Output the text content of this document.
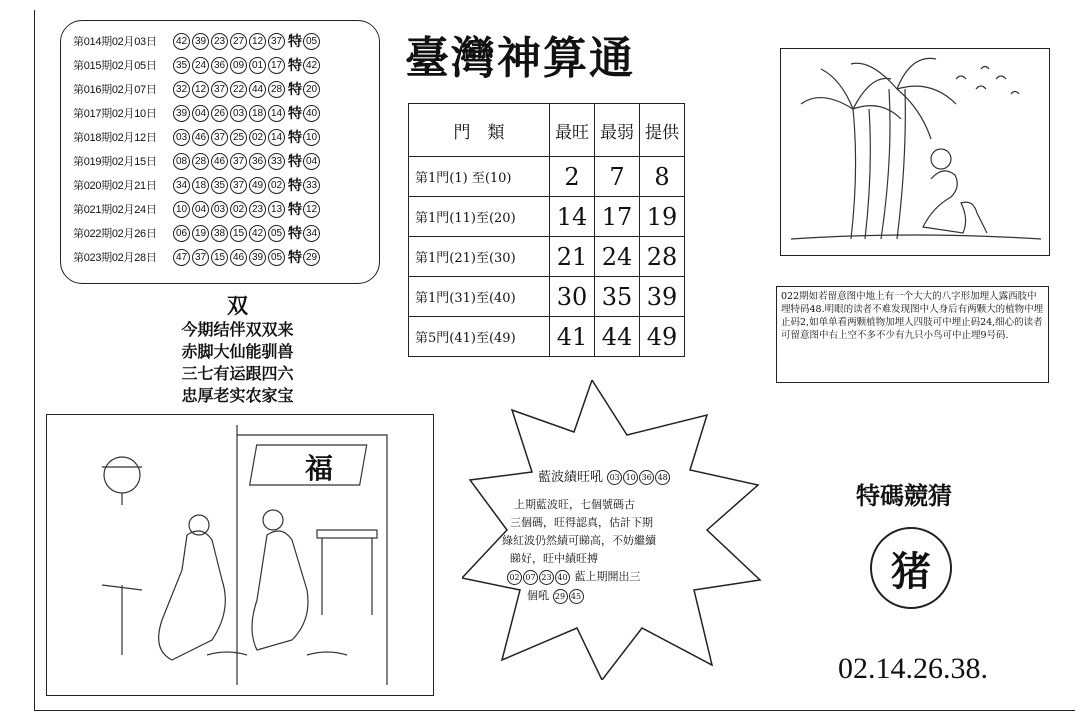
第014期02月03日	42 39 23 27 12 37 特 05
第015期02月05日	35 24 36 09 01 17 特 42
第016期02月07日	32 12 37 22 44 28 特 20
第017期02月10日	39 04 26 03 18 14 特 40
第018期02月12日	03 46 37 25 02 14 特 10
第019期02月15日	08 28 46 37 36 33 特 04
第020期02月21日	34 18 35 37 49 02 特 33
第021期02月24日	10 04 03 02 23 13 特 12
第022期02月26日	06 19 38 15 42 05 特 34
第023期02月28日	47 37 15 46 39 05 特 29
臺灣神算通
門　類	最旺	最弱	提供
第1門(1) 至(10)	2	7	8
第1門(11)至(20)	14	17	19
第1門(21)至(30)	21	24	28
第1門(31)至(40)	30	35	39
第5門(41)至(49)	41	44	49
双
今期结伴双双来
赤脚大仙能驯兽
三七有运跟四六
忠厚老实农家宝
022期如若留意图中地上有一个大大的八字形加埋人露西肢中埋特码48.明眼的读者不难发现图中人身后有两颗大的植物中埋止码2,如单单看两颗植物加埋人四肢可中埋止码24,细心的读者可留意图中右上空不多不少有九只小鸟可中止埋9号码.
福	藍波績旺吼 03 10 36 48
上期藍波旺，七個號碼古
三個碼，旺得認真，估計下期
綠紅波仍然績可睇高，不妨繼續
睇好，旺中績旺搏
02 07 23 40 藍上期開出三
個吼 29 45
特碼競猜
猪
02.14.26.38.
